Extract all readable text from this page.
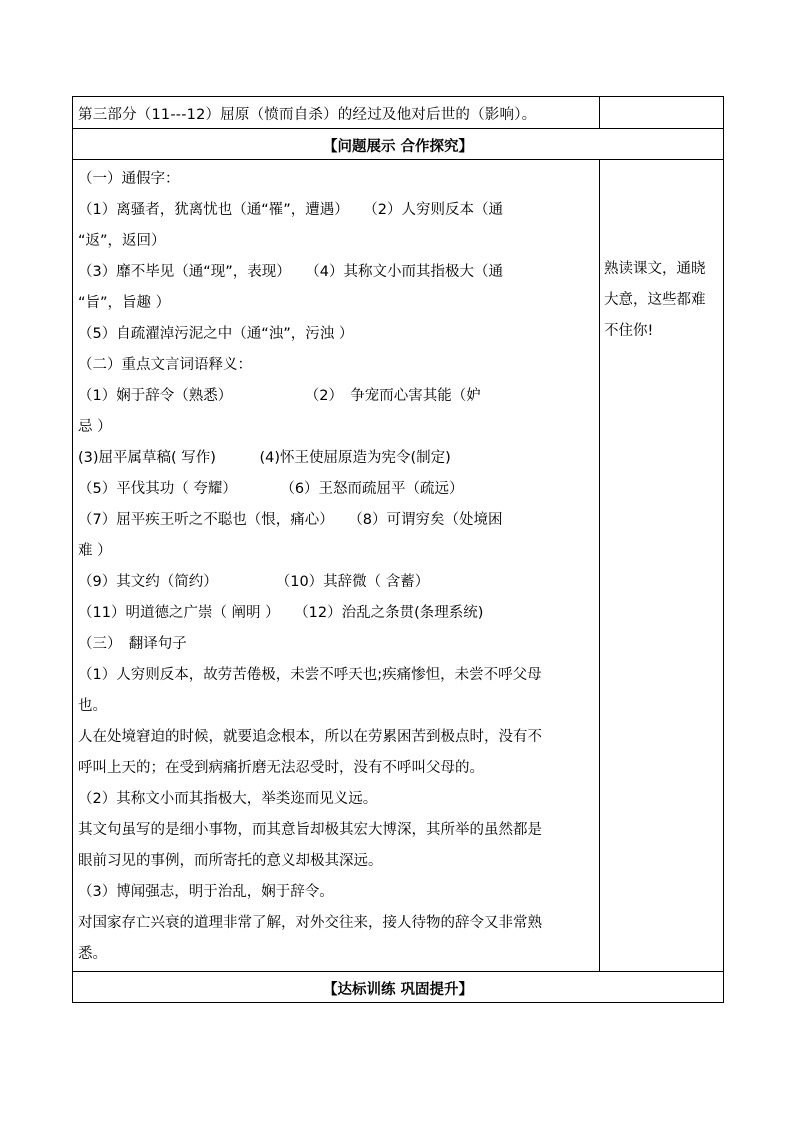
第三部分（11---12）屈原（愤而自杀）的经过及他对后世的（影响）。
【问题展示 合作探究】
（一）通假字：
（1）离骚者，犹离忧也（通“罹”，遭遇）　　（2）人穷则反本（通
“返”，返回）
（3）靡不毕见（通“现”，表现）　　（4）其称文小而其指极大（通
“旨”，旨趣 ）
（5）自疏濯淖污泥之中（通“浊”，污浊 ）
（二）重点文言词语释义：
（1）娴于辞令（熟悉）　　　　　　（2）　争宠而心害其能（妒
忌 ）
(3)屈平属草稿( 写作)　　　(4)怀王使屈原造为宪令(制定)
（5）平伐其功（ 夸耀）　　　　（6）王怒而疏屈平（疏远）
（7）屈平疾王听之不聪也（恨，痛心）　　（8）可谓穷矣（处境困
难 ）
（9）其文约（简约）　　　　　（10）其辞微（ 含蓄）
（11）明道德之广崇（ 阐明 ）　　（12）治乱之条贯(条理系统)
（三）　翻译句子
（1）人穷则反本，故劳苦倦极，未尝不呼天也;疾痛惨怛，未尝不呼父母
也。
人在处境窘迫的时候，就要追念根本，所以在劳累困苦到极点时，没有不
呼叫上天的；在受到病痛折磨无法忍受时，没有不呼叫父母的。
（2）其称文小而其指极大，举类迩而见义远。
其文句虽写的是细小事物，而其意旨却极其宏大博深，其所举的虽然都是
眼前习见的事例，而所寄托的意义却极其深远。
（3）博闻强志，明于治乱，娴于辞令。
对国家存亡兴衰的道理非常了解，对外交往来，接人待物的辞令又非常熟
悉。
熟读课文，通晓
大意，这些都难
不住你!
【达标训练 巩固提升】
